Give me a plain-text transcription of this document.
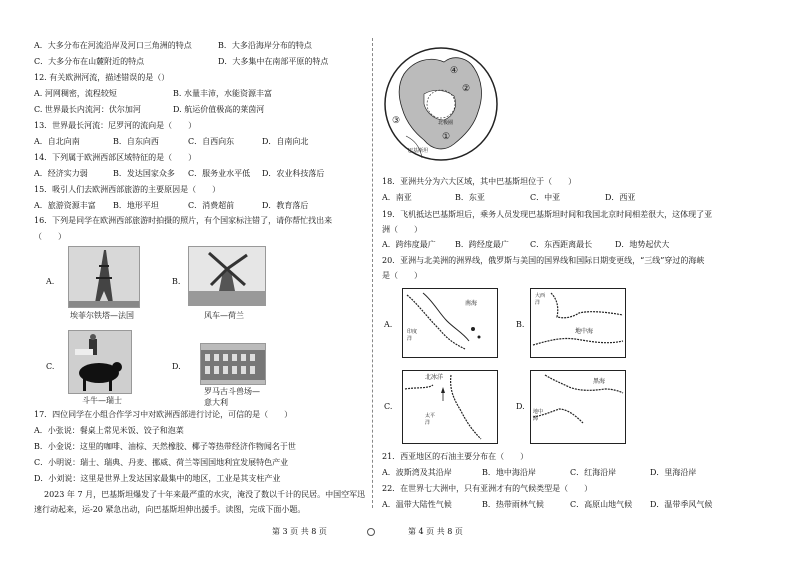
A．大多分布在河流沿岸及河口三角洲的特点	B．大多沿海岸分布的特点
C．大多分布在山麓附近的特点	D．大多集中在南部平原的特点
12. 有关欧洲河流，描述错误的是（）
A. 河网稠密，流程较短	B. 水量丰沛，水能资源丰富
C. 世界最长内流河：伏尔加河	D. 航运价值极高的莱茵河
13．世界最长河流：尼罗河的流向是（　　）
A．自北向南	B．自东向西	C．自西向东	D．自南向北
14．下列属于欧洲西部区域特征的是（　　）
A．经济实力弱	B．发达国家众多 C．服务业水平低 D．农业科技落后
15．吸引人们去欧洲西部旅游的主要原因是（　　）
A．旅游资源丰富 B．地形平坦	C．消费超前	D．教育落后
16．下列是同学在欧洲西部旅游时拍摄的照片，有个国家标注错了，请你帮忙找出来
（　　）
A.
埃菲尔铁塔—法国
B.
风车—荷兰
C.
斗牛—瑞士
D.
罗马古斗兽场—意大利
17．四位同学在小组合作学习中对欧洲西部进行讨论，可信的是（　　）
A．小张说：餐桌上常见米饭、饺子和泡菜
B．小金说：这里的咖啡、油棕、天然橡胶、椰子等热带经济作物闻名于世
C．小明说：瑞士、瑞典、丹麦、挪威、荷兰等国国地利宜发展特色产业
D．小刘说：这里是世界上发达国家最集中的地区，工业是其支柱产业
2023 年 7 月，巴基斯坦爆发了十年来最严重的水灾，淹没了数以千计的民居。中国空军迅
速行动起来，运-20 紧急出动，向巴基斯坦伸出援手。读图，完成下面小题。
第 3 页 共 8 页
④
②
③
①
北极圈
巴基斯坦
18．亚洲共分为六大区域，其中巴基斯坦位于（　　）
A．南亚	B．东亚	C．中亚	D．西亚
19．飞机抵达巴基斯坦后，乘务人员发现巴基斯坦时间和我国北京时间相差很大，这体现了亚
洲（　　）
A．跨纬度最广 B．跨经度最广	C．东西距离最长	D．地势起伏大
20．亚洲与北美洲的洲界线，俄罗斯与美国的国界线和国际日期变更线，“三线”穿过的海峡
是（　　）
A.
南海
印度洋
B.
大西洋
地中海
C.
北冰洋
太平洋
D.
黑海
地中海
21．西亚地区的石油主要分布在（　　）
A．波斯湾及其沿岸	B．地中海沿岸	C．红海沿岸	D．里海沿岸
22．在世界七大洲中，只有亚洲才有的气候类型是（　　）
A．温带大陆性气候	B．热带雨林气候	C．高原山地气候 D．温带季风气候
第 4 页 共 8 页
